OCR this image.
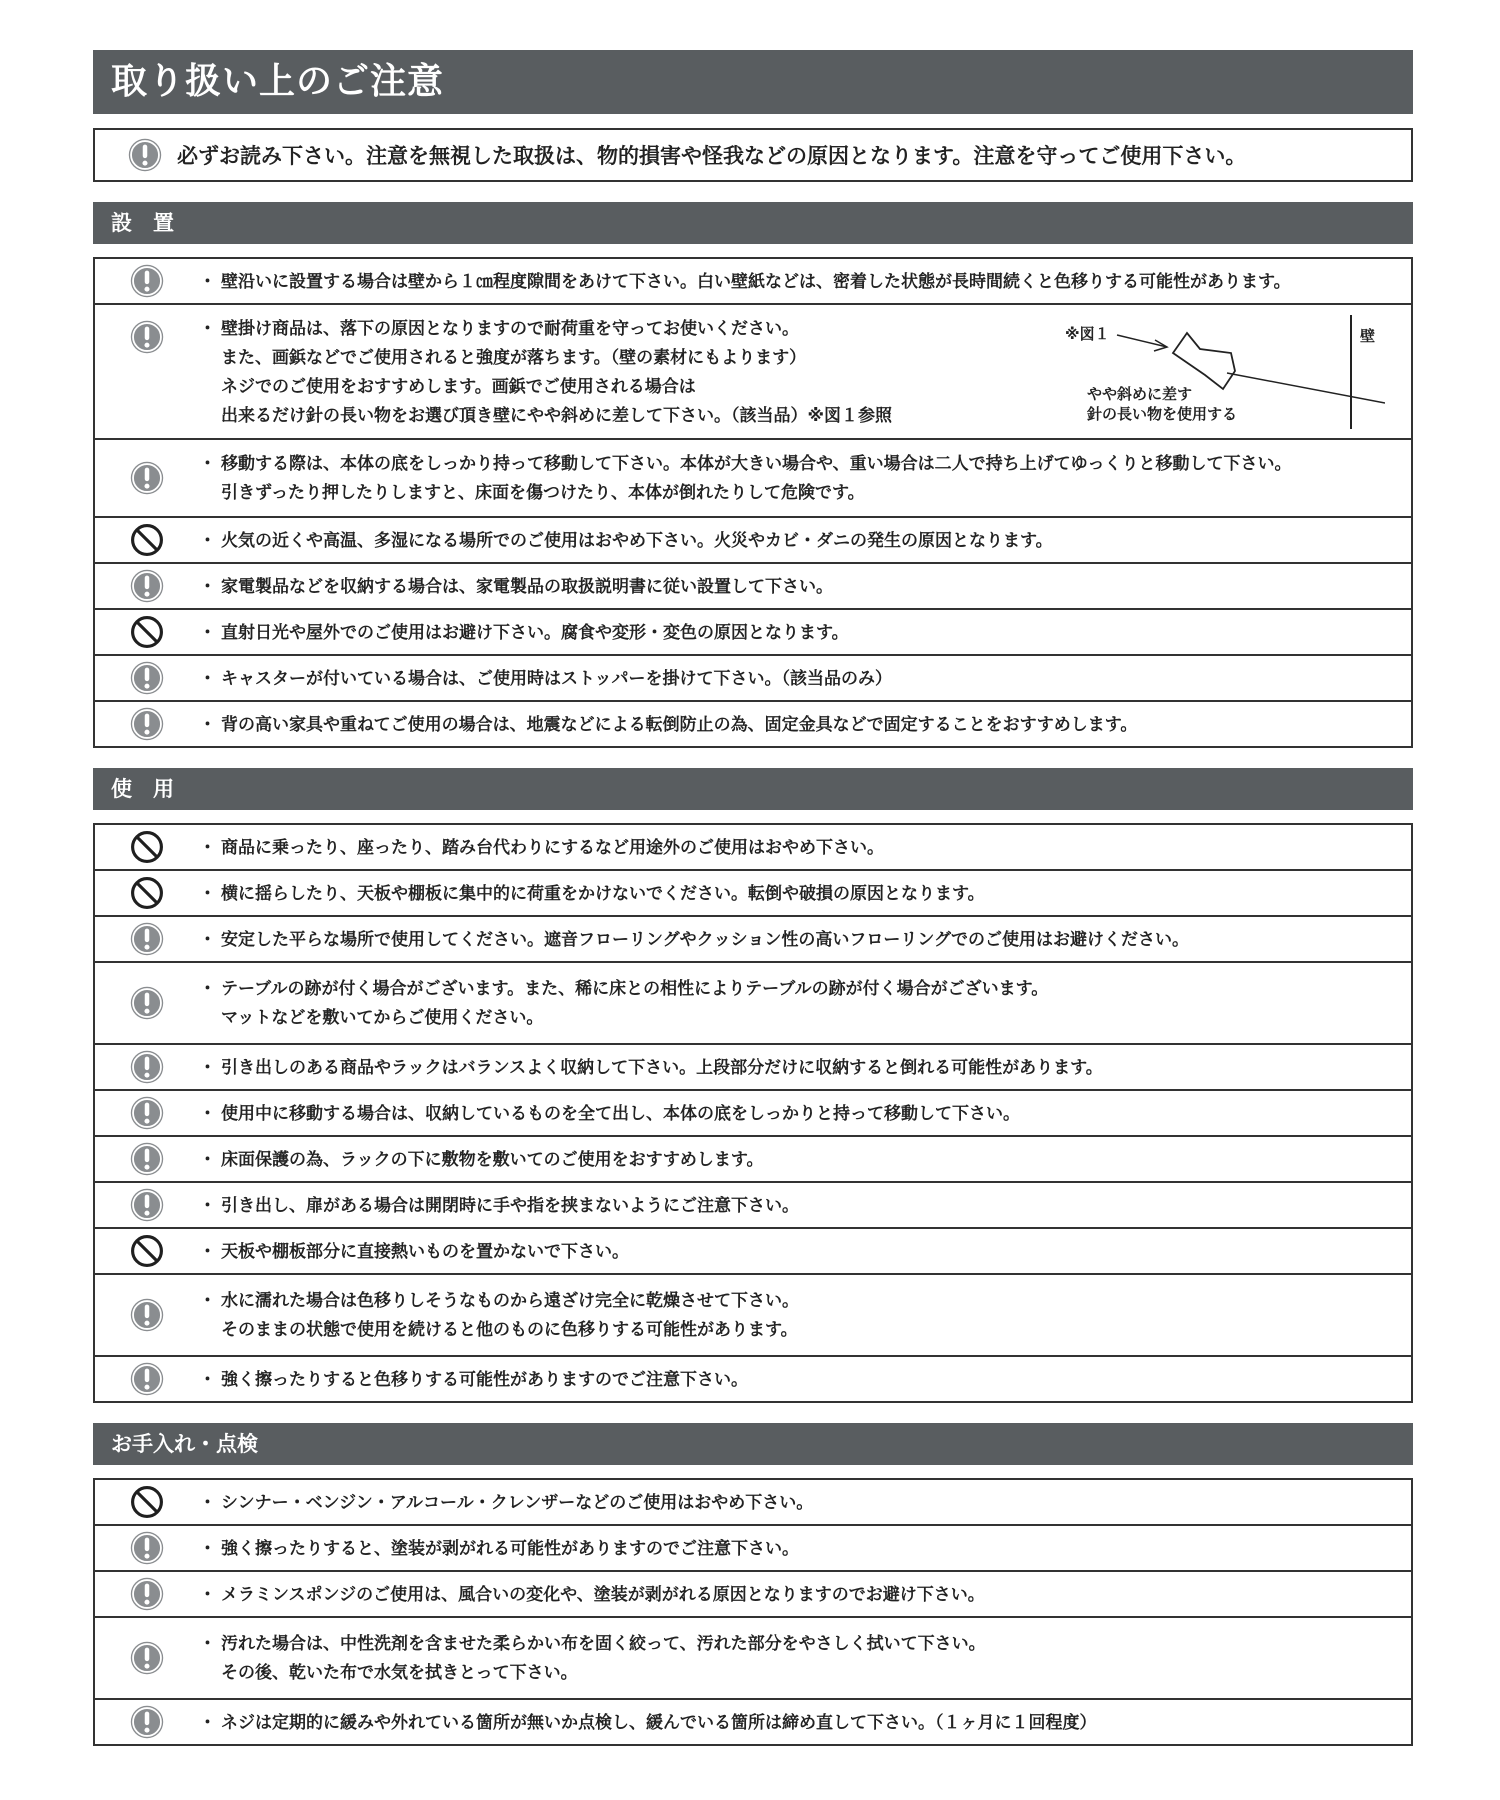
取り扱い上のご注意
必ずお読み下さい。注意を無視した取扱は、物的損害や怪我などの原因となります。注意を守ってご使用下さい。
設　置
・ 壁沿いに設置する場合は壁から１㎝程度隙間をあけて下さい。白い壁紙などは、密着した状態が長時間続くと色移りする可能性があります。
・ 壁掛け商品は、落下の原因となりますので耐荷重を守ってお使いください。
また、画鋲などでご使用されると強度が落ちます。（壁の素材にもよります）
ネジでのご使用をおすすめします。画鋲でご使用される場合は
出来るだけ針の長い物をお選び頂き壁にやや斜めに差して下さい。（該当品）※図１参照
※図１	壁
やや斜めに差す
針の長い物を使用する
・ 移動する際は、本体の底をしっかり持って移動して下さい。本体が大きい場合や、重い場合は二人で持ち上げてゆっくりと移動して下さい。
引きずったり押したりしますと、床面を傷つけたり、本体が倒れたりして危険です。
・ 火気の近くや高温、多湿になる場所でのご使用はおやめ下さい。火災やカビ・ダニの発生の原因となります。
・ 家電製品などを収納する場合は、家電製品の取扱説明書に従い設置して下さい。
・ 直射日光や屋外でのご使用はお避け下さい。腐食や変形・変色の原因となります。
・ キャスターが付いている場合は、ご使用時はストッパーを掛けて下さい。（該当品のみ）
・ 背の高い家具や重ねてご使用の場合は、地震などによる転倒防止の為、固定金具などで固定することをおすすめします。
使　用
・ 商品に乗ったり、座ったり、踏み台代わりにするなど用途外のご使用はおやめ下さい。
・ 横に揺らしたり、天板や棚板に集中的に荷重をかけないでください。転倒や破損の原因となります。
・ 安定した平らな場所で使用してください。遮音フローリングやクッション性の高いフローリングでのご使用はお避けください。
・ テーブルの跡が付く場合がございます。また、稀に床との相性によりテーブルの跡が付く場合がございます。
マットなどを敷いてからご使用ください。
・ 引き出しのある商品やラックはバランスよく収納して下さい。上段部分だけに収納すると倒れる可能性があります。
・ 使用中に移動する場合は、収納しているものを全て出し、本体の底をしっかりと持って移動して下さい。
・ 床面保護の為、ラックの下に敷物を敷いてのご使用をおすすめします。
・ 引き出し、扉がある場合は開閉時に手や指を挟まないようにご注意下さい。
・ 天板や棚板部分に直接熱いものを置かないで下さい。
・ 水に濡れた場合は色移りしそうなものから遠ざけ完全に乾燥させて下さい。
そのままの状態で使用を続けると他のものに色移りする可能性があります。
・ 強く擦ったりすると色移りする可能性がありますのでご注意下さい。
お手入れ・点検
・ シンナー・ベンジン・アルコール・クレンザーなどのご使用はおやめ下さい。
・ 強く擦ったりすると、塗装が剥がれる可能性がありますのでご注意下さい。
・ メラミンスポンジのご使用は、風合いの変化や、塗装が剥がれる原因となりますのでお避け下さい。
・ 汚れた場合は、中性洗剤を含ませた柔らかい布を固く絞って、汚れた部分をやさしく拭いて下さい。
その後、乾いた布で水気を拭きとって下さい。
・ ネジは定期的に緩みや外れている箇所が無いか点検し、緩んでいる箇所は締め直して下さい。（１ヶ月に１回程度）
